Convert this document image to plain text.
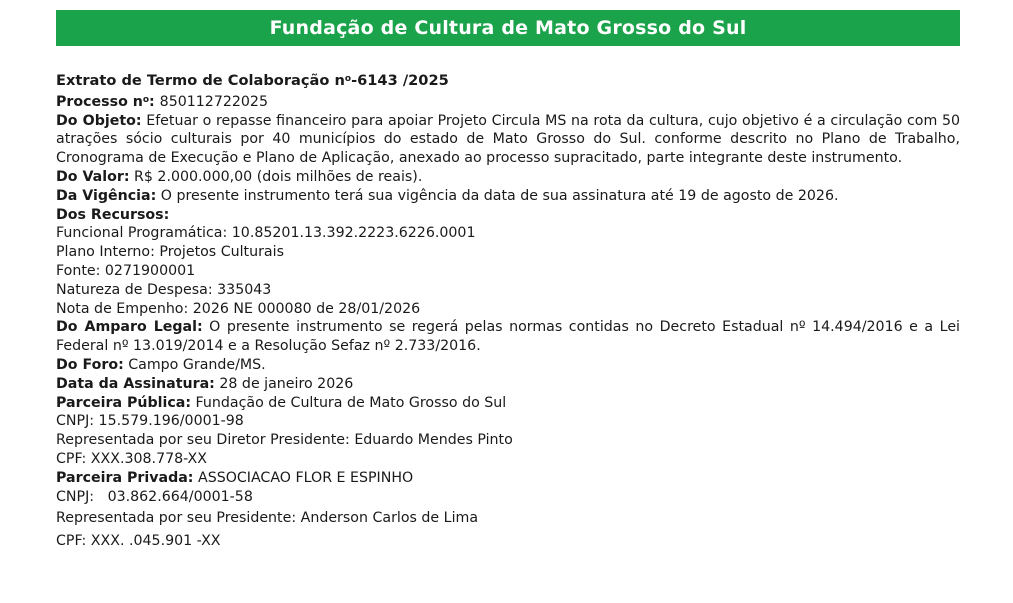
Fundação de Cultura de Mato Grosso do Sul
Extrato de Termo de Colaboração $n^o-6143$ /2025
Processo $n^o$: 850112722025
Do Objeto: Efetuar o repasse financeiro para apoiar Projeto Circula MS na rota da cultura, cujo objetivo é a circulação com 50 atrações sócio culturais por 40 municípios do estado de Mato Grosso do Sul. conforme descrito no Plano de Trabalho, Cronograma de Execução e Plano de Aplicação, anexado ao processo supracitado, parte integrante deste instrumento.
Do Valor: R$ 2.000.000,00 (dois milhões de reais).
Da Vigência: O presente instrumento terá sua vigência da data de sua assinatura até 19 de agosto de 2026.
Dos Recursos:
Funcional Programática: 10.85201.13.392.2223.6226.0001
Plano Interno: Projetos Culturais
Fonte: 0271900001
Natureza de Despesa: 335043
Nota de Empenho: 2026 NE 000080 de 28/01/2026
Do Amparo Legal: O presente instrumento se regerá pelas normas contidas no Decreto Estadual nº 14.494/2016 e a Lei Federal nº 13.019/2014 e a Resolução Sefaz nº 2.733/2016.
Do Foro: Campo Grande/MS.
Data da Assinatura: 28 de janeiro 2026
Parceira Pública: Fundação de Cultura de Mato Grosso do Sul
CNPJ: 15.579.196/0001-98
Representada por seu Diretor Presidente: Eduardo Mendes Pinto
CPF: XXX.308.778-XX
Parceira Privada: ASSOCIACAO FLOR E ESPINHO
CNPJ:   03.862.664/0001-58
Representada por seu Presidente: Anderson Carlos de Lima
CPF: XXX. .045.901 -XX
